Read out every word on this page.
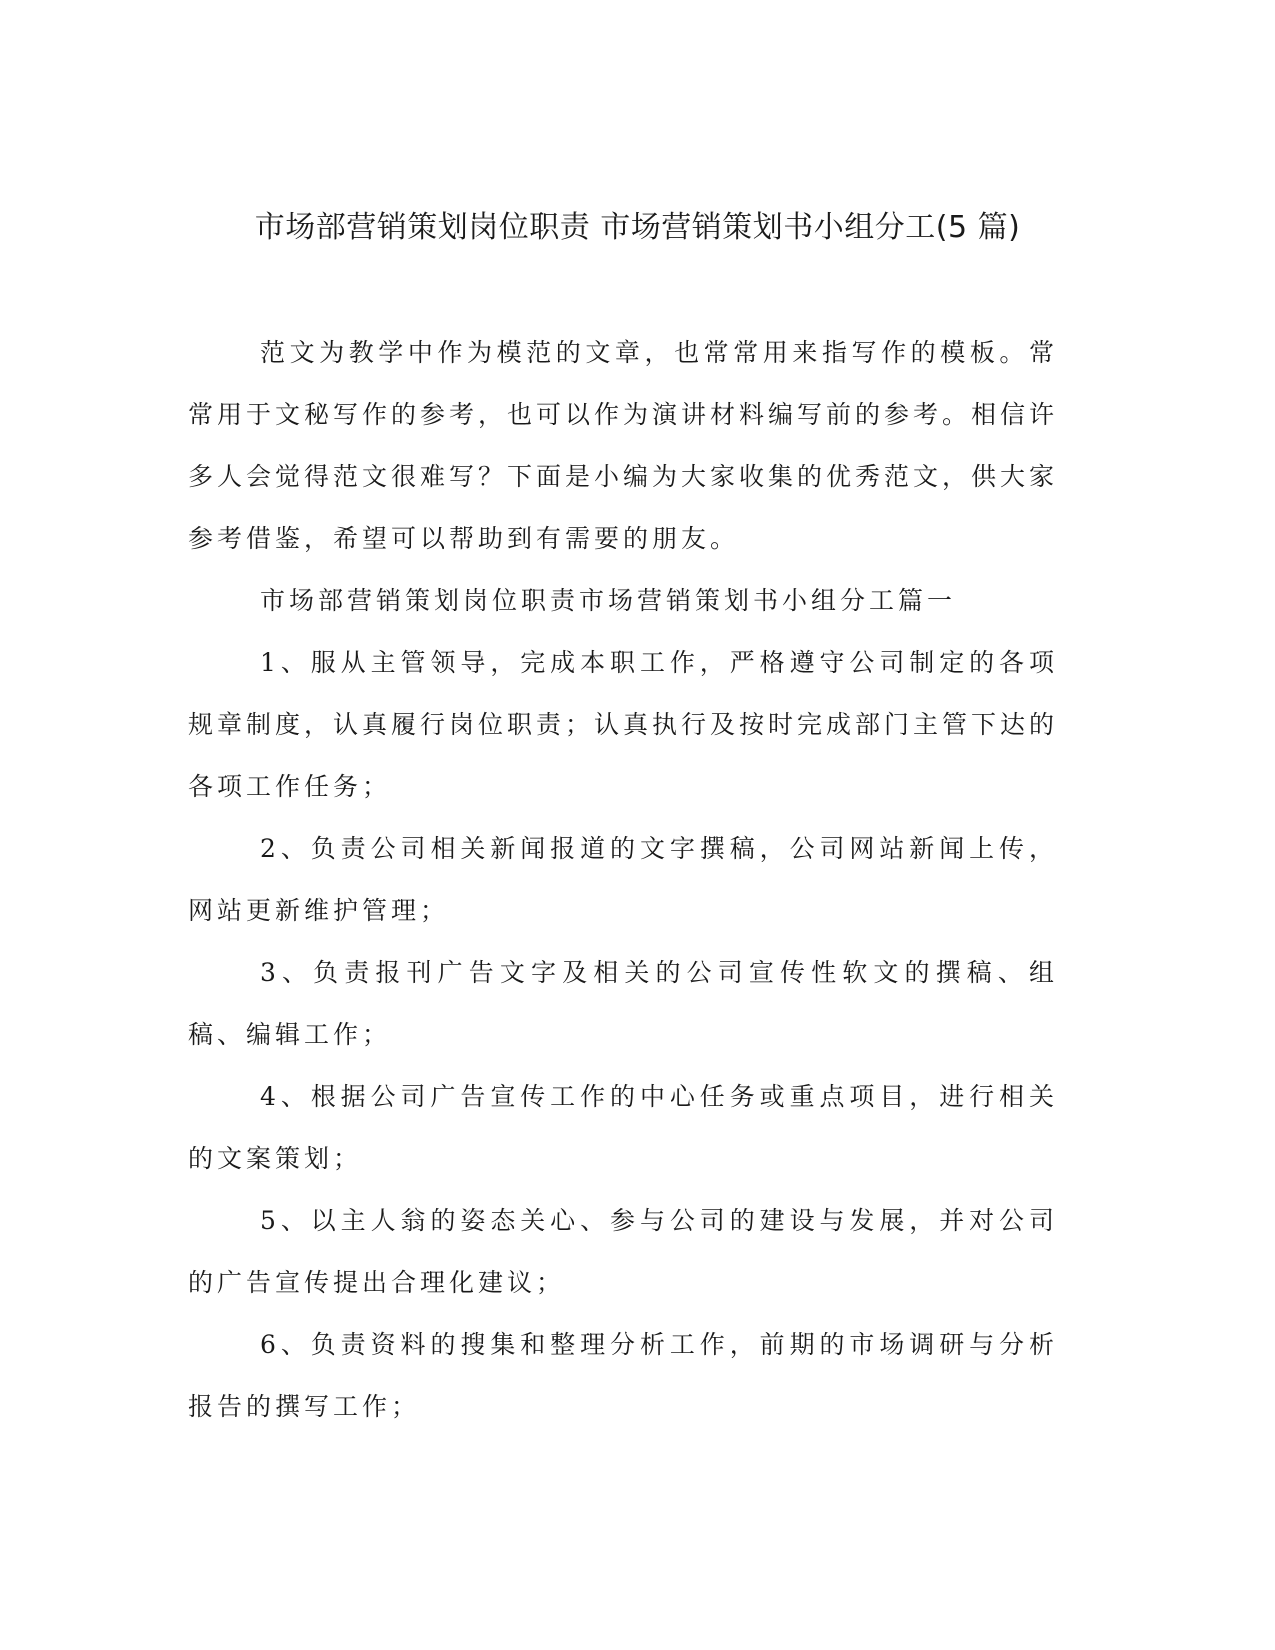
市场部营销策划岗位职责 市场营销策划书小组分工(5 篇)

范文为教学中作为模范的文章，也常常用来指写作的模板。常常用于文秘写作的参考，也可以作为演讲材料编写前的参考。相信许多人会觉得范文很难写？下面是小编为大家收集的优秀范文，供大家参考借鉴，希望可以帮助到有需要的朋友。

市场部营销策划岗位职责市场营销策划书小组分工篇一

1、服从主管领导，完成本职工作，严格遵守公司制定的各项规章制度，认真履行岗位职责；认真执行及按时完成部门主管下达的各项工作任务；

2、负责公司相关新闻报道的文字撰稿，公司网站新闻上传，网站更新维护管理；

3、负责报刊广告文字及相关的公司宣传性软文的撰稿、组稿、编辑工作；

4、根据公司广告宣传工作的中心任务或重点项目，进行相关的文案策划；

5、以主人翁的姿态关心、参与公司的建设与发展，并对公司的广告宣传提出合理化建议；

6、负责资料的搜集和整理分析工作，前期的市场调研与分析报告的撰写工作；
